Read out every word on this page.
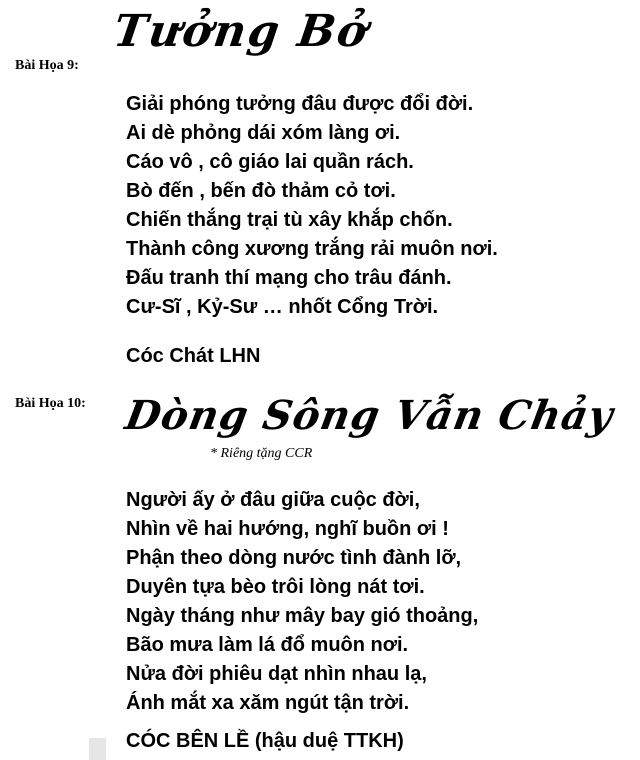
Bài Họa 9:
Tưởng Bở
Giải phóng tưởng đâu được đổi đời.
Ai dè phỏng dái xóm làng ơi.
Cáo vô , cô giáo lai quần rách.
Bò đến , bến đò thảm cỏ tơi.
Chiến thắng trại tù xây khắp chốn.
Thành công xương trắng rải muôn nơi.
Đấu tranh thí mạng cho trâu đánh.
Cư-Sĩ , Kỷ-Sư … nhốt Cổng Trời.
Cóc Chát LHN
Bài Họa 10: Dòng Sông Vẫn Chảy
* Riêng tặng CCR
Người ấy ở đâu giữa cuộc đời,
Nhìn về hai hướng, nghĩ buồn ơi !
Phận theo dòng nước tình đành lỡ,
Duyên tựa bèo trôi lòng nát tơi.
Ngày tháng như mây bay gió thoảng,
Bão mưa làm lá đổ muôn nơi.
Nửa đời phiêu dạt nhìn nhau lạ,
Ánh mắt xa xăm ngút tận trời.
CÓC BÊN LỀ (hậu duệ TTKH)
